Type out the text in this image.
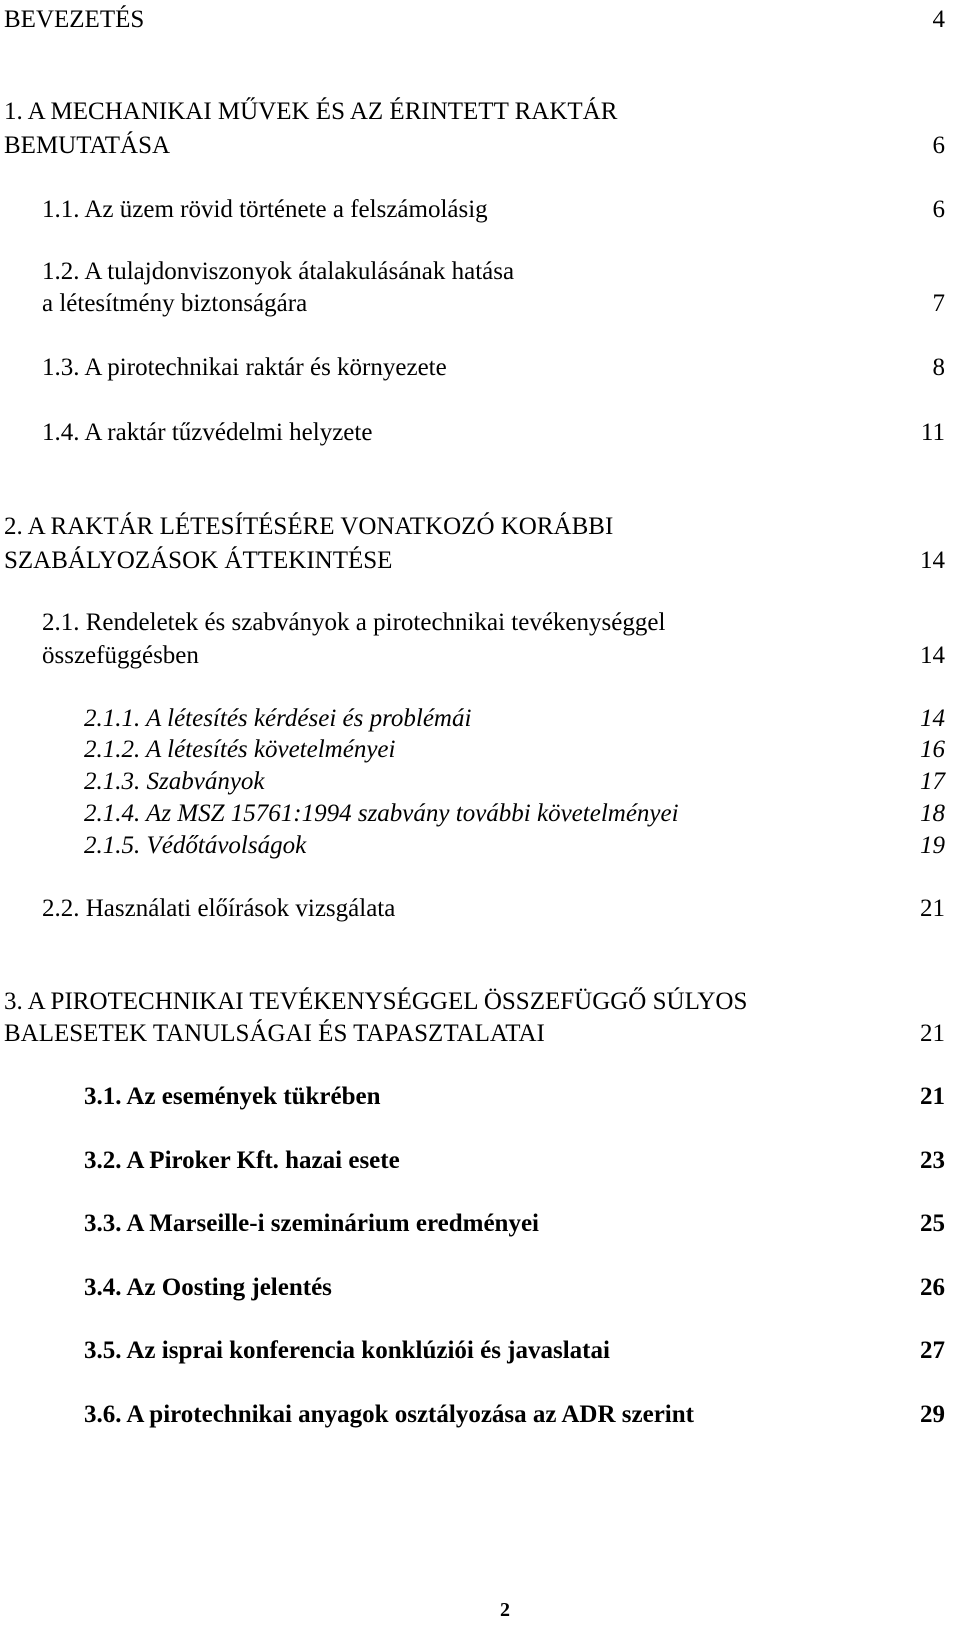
BEVEZETÉS	4
1. A MECHANIKAI MŰVEK ÉS AZ ÉRINTETT RAKTÁR
BEMUTATÁSA	6
1.1. Az üzem rövid története a felszámolásig	6
1.2. A tulajdonviszonyok átalakulásának hatása
a létesítmény biztonságára	7
1.3. A pirotechnikai raktár és környezete	8
1.4. A raktár tűzvédelmi helyzete	11
2. A RAKTÁR LÉTESÍTÉSÉRE VONATKOZÓ KORÁBBI
SZABÁLYOZÁSOK ÁTTEKINTÉSE	14
2.1. Rendeletek és szabványok a pirotechnikai tevékenységgel
összefüggésben	14
2.1.1. A létesítés kérdései és problémái	14
2.1.2. A létesítés követelményei	16
2.1.3. Szabványok	17
2.1.4. Az MSZ 15761:1994 szabvány további követelményei	18
2.1.5. Védőtávolságok	19
2.2. Használati előírások vizsgálata	21
3. A PIROTECHNIKAI TEVÉKENYSÉGGEL ÖSSZEFÜGGŐ SÚLYOS
BALESETEK TANULSÁGAI ÉS TAPASZTALATAI	21
3.1. Az események tükrében	21
3.2. A Piroker Kft. hazai esete	23
3.3. A Marseille-i szeminárium eredményei	25
3.4. Az Oosting jelentés	26
3.5. Az isprai konferencia konklúziói és javaslatai	27
3.6. A pirotechnikai anyagok osztályozása az ADR szerint	29
2
